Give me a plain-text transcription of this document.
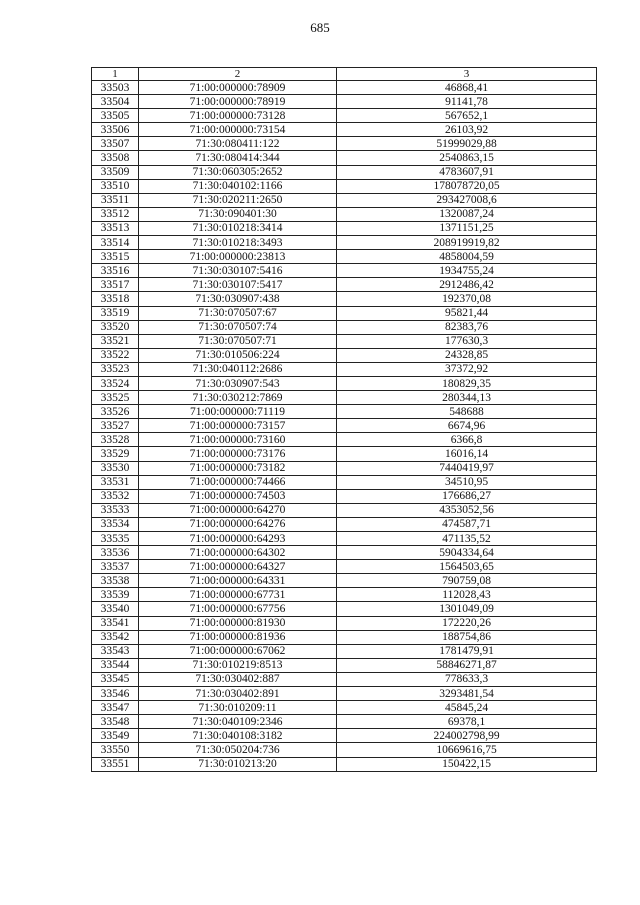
685
1	2	3
33503	71:00:000000:78909	46868,41
33504	71:00:000000:78919	91141,78
33505	71:00:000000:73128	567652,1
33506	71:00:000000:73154	26103,92
33507	71:30:080411:122	51999029,88
33508	71:30:080414:344	2540863,15
33509	71:30:060305:2652	4783607,91
33510	71:30:040102:1166	178078720,05
33511	71:30:020211:2650	293427008,6
33512	71:30:090401:30	1320087,24
33513	71:30:010218:3414	1371151,25
33514	71:30:010218:3493	208919919,82
33515	71:00:000000:23813	4858004,59
33516	71:30:030107:5416	1934755,24
33517	71:30:030107:5417	2912486,42
33518	71:30:030907:438	192370,08
33519	71:30:070507:67	95821,44
33520	71:30:070507:74	82383,76
33521	71:30:070507:71	177630,3
33522	71:30:010506:224	24328,85
33523	71:30:040112:2686	37372,92
33524	71:30:030907:543	180829,35
33525	71:30:030212:7869	280344,13
33526	71:00:000000:71119	548688
33527	71:00:000000:73157	6674,96
33528	71:00:000000:73160	6366,8
33529	71:00:000000:73176	16016,14
33530	71:00:000000:73182	7440419,97
33531	71:00:000000:74466	34510,95
33532	71:00:000000:74503	176686,27
33533	71:00:000000:64270	4353052,56
33534	71:00:000000:64276	474587,71
33535	71:00:000000:64293	471135,52
33536	71:00:000000:64302	5904334,64
33537	71:00:000000:64327	1564503,65
33538	71:00:000000:64331	790759,08
33539	71:00:000000:67731	112028,43
33540	71:00:000000:67756	1301049,09
33541	71:00:000000:81930	172220,26
33542	71:00:000000:81936	188754,86
33543	71:00:000000:67062	1781479,91
33544	71:30:010219:8513	58846271,87
33545	71:30:030402:887	778633,3
33546	71:30:030402:891	3293481,54
33547	71:30:010209:11	45845,24
33548	71:30:040109:2346	69378,1
33549	71:30:040108:3182	224002798,99
33550	71:30:050204:736	10669616,75
33551	71:30:010213:20	150422,15
